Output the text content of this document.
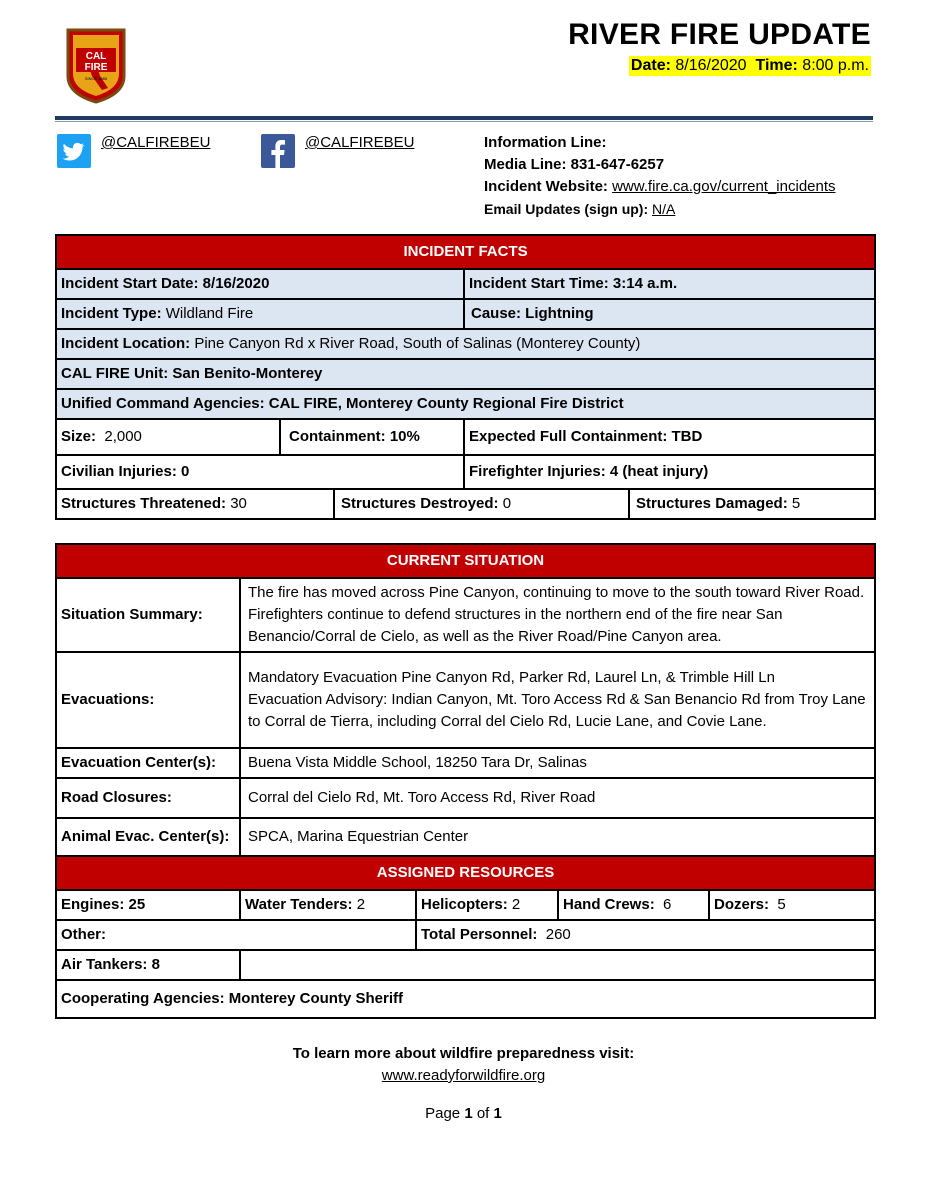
CAL
FIRE
SINCE 1885
RIVER FIRE UPDATE
Date: 8/16/2020 Time: 8:00 p.m.
@CALFIREBEU	@CALFIREBEU	Information Line:
Media Line: 831-647-6257
Incident Website: www.fire.ca.gov/current_incidents
Email Updates (sign up): N/A
INCIDENT FACTS				
Incident Start Date: 8/16/2020			Incident Start Time: 3:14 a.m.	
Incident Type: Wildland Fire			Cause: Lightning	
Incident Location: Pine Canyon Rd x River Road, South of Salinas (Monterey County)				
CAL FIRE Unit: San Benito-Monterey				
Unified Command Agencies: CAL FIRE, Monterey County Regional Fire District				
Size: 2,000	Containment: 10%		Expected Full Containment: TBD	
Civilian Injuries: 0			Firefighter Injuries: 4 (heat injury)	
Structures Threatened: 30		Structures Destroyed: 0		Structures Damaged: 5
CURRENT SITUATION				
Situation Summary:	The fire has moved across Pine Canyon, continuing to move to the south toward River Road. Firefighters continue to defend structures in the northern end of the fire near San Benancio/Corral de Cielo, as well as the River Road/Pine Canyon area.			
Evacuations:	Mandatory Evacuation Pine Canyon Rd, Parker Rd, Laurel Ln, & Trimble Hill Ln
Evacuation Advisory: Indian Canyon, Mt. Toro Access Rd & San Benancio Rd from Troy Lane to Corral de Tierra, including Corral del Cielo Rd, Lucie Lane, and Covie Lane.			

Evacuation Center(s):	Buena Vista Middle School, 18250 Tara Dr, Salinas			
Road Closures:	Corral del Cielo Rd, Mt. Toro Access Rd, River Road			
Animal Evac. Center(s):	SPCA, Marina Equestrian Center			
ASSIGNED RESOURCES				
Engines: 25	Water Tenders: 2	Helicopters: 2	Hand Crews: 6	Dozers: 5
Other:		Total Personnel: 260		
Air Tankers: 8				
Cooperating Agencies: Monterey County Sheriff				
To learn more about wildfire preparedness visit:
www.readyforwildfire.org
Page 1 of 1
